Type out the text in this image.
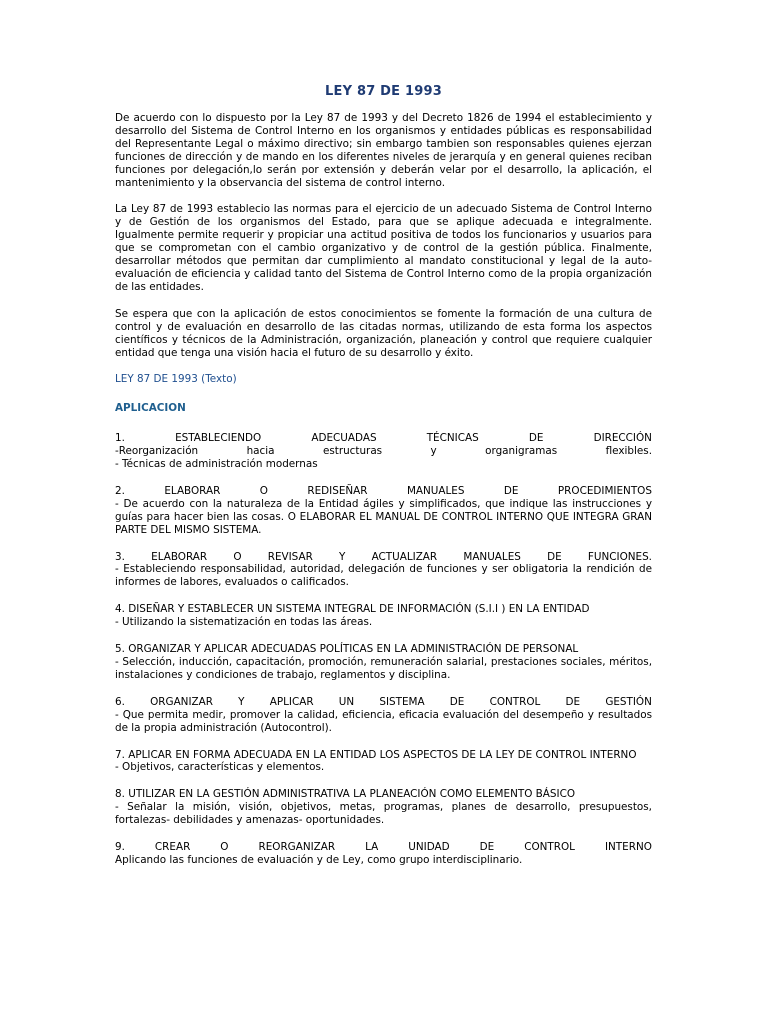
LEY 87 DE 1993

De acuerdo con lo dispuesto por la Ley 87 de 1993 y del Decreto 1826 de 1994 el establecimiento y desarrollo del Sistema de Control Interno en los organismos y entidades públicas es responsabilidad del Representante Legal o máximo directivo; sin embargo tambien son responsables quienes ejerzan funciones de dirección y de mando en los diferentes niveles de jerarquía y en general quienes reciban funciones por delegación,lo serán por extensión y deberán velar por el desarrollo, la aplicación, el mantenimiento y la observancia del sistema de control interno.

La Ley 87 de 1993 establecio las normas para el ejercicio de un adecuado Sistema de Control Interno y de Gestión de los organismos del Estado, para que se aplique adecuada e integralmente. Igualmente permite requerir y propiciar una actitud positiva de todos los funcionarios y usuarios para que se comprometan con el cambio organizativo y de control de la gestión pública. Finalmente, desarrollar métodos que permitan dar cumplimiento al mandato constitucional y legal de la auto-evaluación de eficiencia y calidad tanto del Sistema de Control Interno como de la propia organización de las entidades.

Se espera que con la aplicación de estos conocimientos se fomente la formación de una cultura de control y de evaluación en desarrollo de las citadas normas, utilizando de esta forma los aspectos científicos y técnicos de la Administración, organización, planeación y control que requiere cualquier entidad que tenga una visión hacia el futuro de su desarrollo y éxito.

LEY 87 DE 1993 (Texto)
APLICACION
1.	ESTABLECIENDO	ADECUADAS	TÉCNICAS	DE	DIRECCIÓN
-Reorganización	hacia	estructuras	y	organigramas	flexibles.
- Técnicas de administración modernas
2.	ELABORAR	O	REDISEÑAR	MANUALES	DE	PROCEDIMIENTOS
- De acuerdo con la naturaleza de la Entidad ágiles y simplificados, que indique las instrucciones y guías para hacer bien las cosas. O ELABORAR EL MANUAL DE CONTROL INTERNO QUE INTEGRA GRAN PARTE DEL MISMO SISTEMA.
3.	ELABORAR	O	REVISAR	Y	ACTUALIZAR	MANUALES	DE	FUNCIONES.
- Estableciendo responsabilidad, autoridad, delegación de funciones y ser obligatoria la rendición de informes de labores, evaluados o calificados.
4. DISEÑAR Y ESTABLECER UN SISTEMA INTEGRAL DE INFORMACIÓN (S.I.I ) EN LA ENTIDAD
- Utilizando la sistematización en todas las áreas.
5. ORGANIZAR Y APLICAR ADECUADAS POLÍTICAS EN LA ADMINISTRACIÓN DE PERSONAL
- Selección, inducción, capacitación, promoción, remuneración salarial, prestaciones sociales, méritos, instalaciones y condiciones de trabajo, reglamentos y disciplina.
6. ORGANIZAR Y APLICAR UN SISTEMA DE CONTROL DE GESTIÓN
- Que permita medir, promover la calidad, eficiencia, eficacia evaluación del desempeño y resultados de la propia administración (Autocontrol).
7. APLICAR EN FORMA ADECUADA EN LA ENTIDAD LOS ASPECTOS DE LA LEY DE CONTROL INTERNO
- Objetivos, características y elementos.
8. UTILIZAR EN LA GESTIÓN ADMINISTRATIVA LA PLANEACIÓN COMO ELEMENTO BÁSICO
- Señalar la misión, visión, objetivos, metas, programas, planes de desarrollo, presupuestos, fortalezas- debilidades y amenazas- oportunidades.
9.	CREAR	O	REORGANIZAR	LA	UNIDAD	DE	CONTROL	INTERNO
Aplicando las funciones de evaluación y de Ley, como grupo interdisciplinario.
